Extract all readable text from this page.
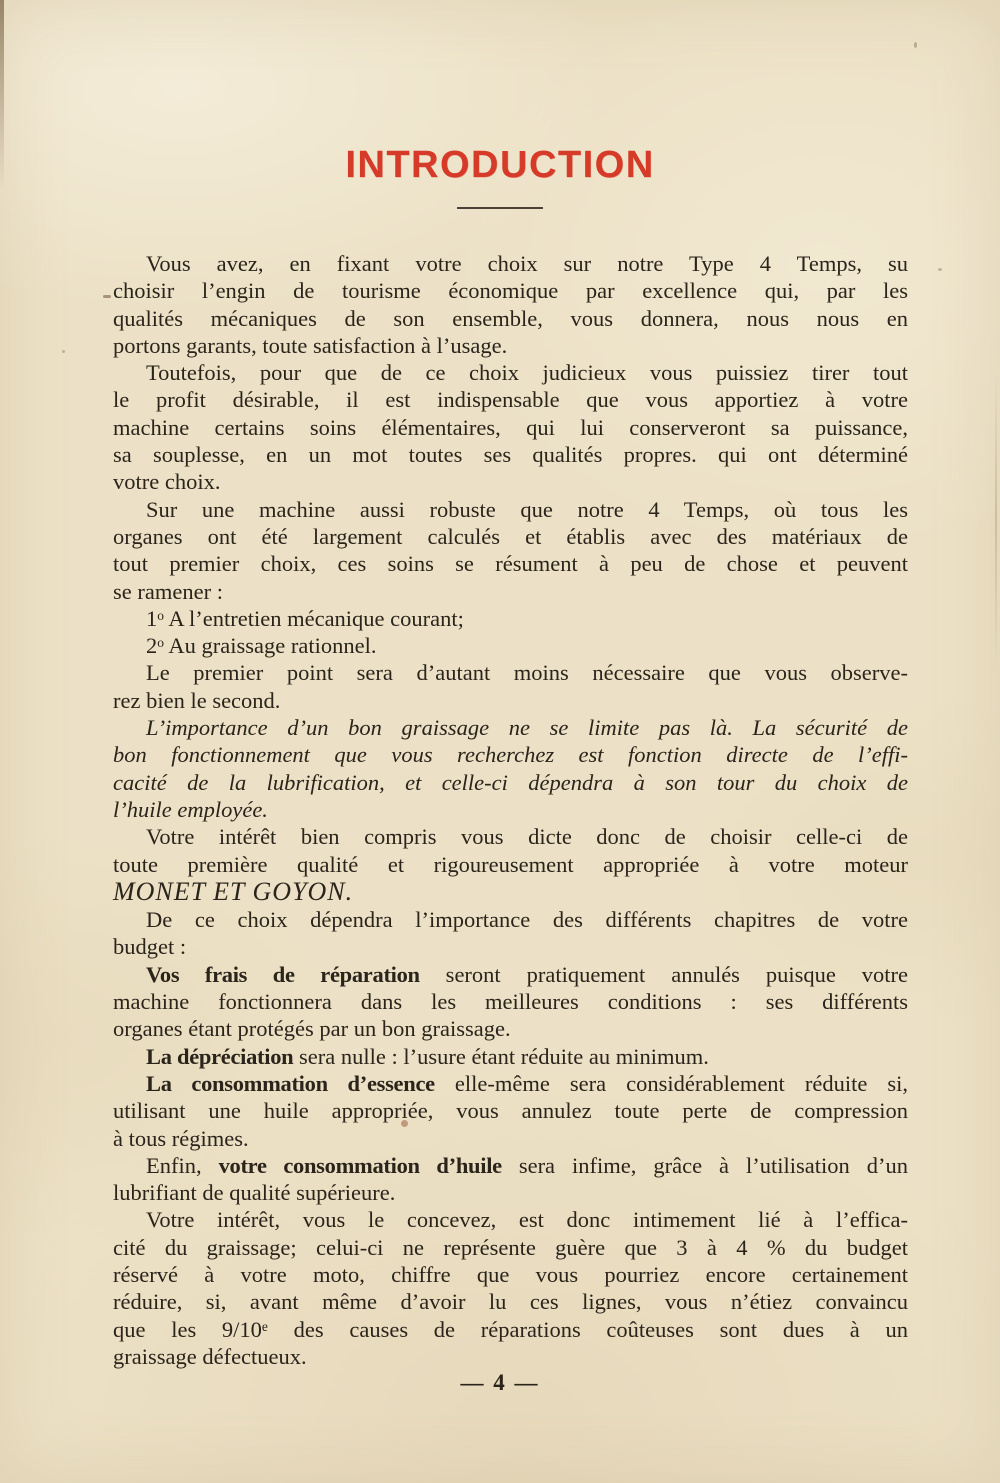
INTRODUCTION
Vous avez, en fixant votre choix sur notre Type 4 Temps, su
choisir l’engin de tourisme économique par excellence qui, par les
qualités mécaniques de son ensemble, vous donnera, nous nous en
portons garants, toute satisfaction à l’usage.
Toutefois, pour que de ce choix judicieux vous puissiez tirer tout
le profit désirable, il est indispensable que vous apportiez à votre
machine certains soins élémentaires, qui lui conserveront sa puissance,
sa souplesse, en un mot toutes ses qualités propres. qui ont déterminé
votre choix.
Sur une machine aussi robuste que notre 4 Temps, où tous les
organes ont été largement calculés et établis avec des matériaux de
tout premier choix, ces soins se résument à peu de chose et peuvent
se ramener :
1$^o$ A l’entretien mécanique courant;
2$^o$ Au graissage rationnel.
Le premier point sera d’autant moins nécessaire que vous observe-
rez bien le second.
L’importance d’un bon graissage ne se limite pas là. La sécurité de
bon fonctionnement que vous recherchez est fonction directe de l’effi-
cacité de la lubrification, et celle-ci dépendra à son tour du choix de
l’huile employée.
Votre intérêt bien compris vous dicte donc de choisir celle-ci de
toute première qualité et rigoureusement appropriée à votre moteur
MONET ET GOYON.
De ce choix dépendra l’importance des différents chapitres de votre
budget :
Vos frais de réparation seront pratiquement annulés puisque votre
machine fonctionnera dans les meilleures conditions : ses différents
organes étant protégés par un bon graissage.
La dépréciation sera nulle : l’usure étant réduite au minimum.
La consommation d’essence elle-même sera considérablement réduite si,
utilisant une huile appropriée, vous annulez toute perte de compression
à tous régimes.
Enfin, votre consommation d’huile sera infime, grâce à l’utilisation d’un
lubrifiant de qualité supérieure.
Votre intérêt, vous le concevez, est donc intimement lié à l’effica-
cité du graissage; celui-ci ne représente guère que 3 à 4 % du budget
réservé à votre moto, chiffre que vous pourriez encore certainement
réduire, si, avant même d’avoir lu ces lignes, vous n’étiez convaincu
que les 9/10e des causes de réparations coûteuses sont dues à un
graissage défectueux.
— 4 —
